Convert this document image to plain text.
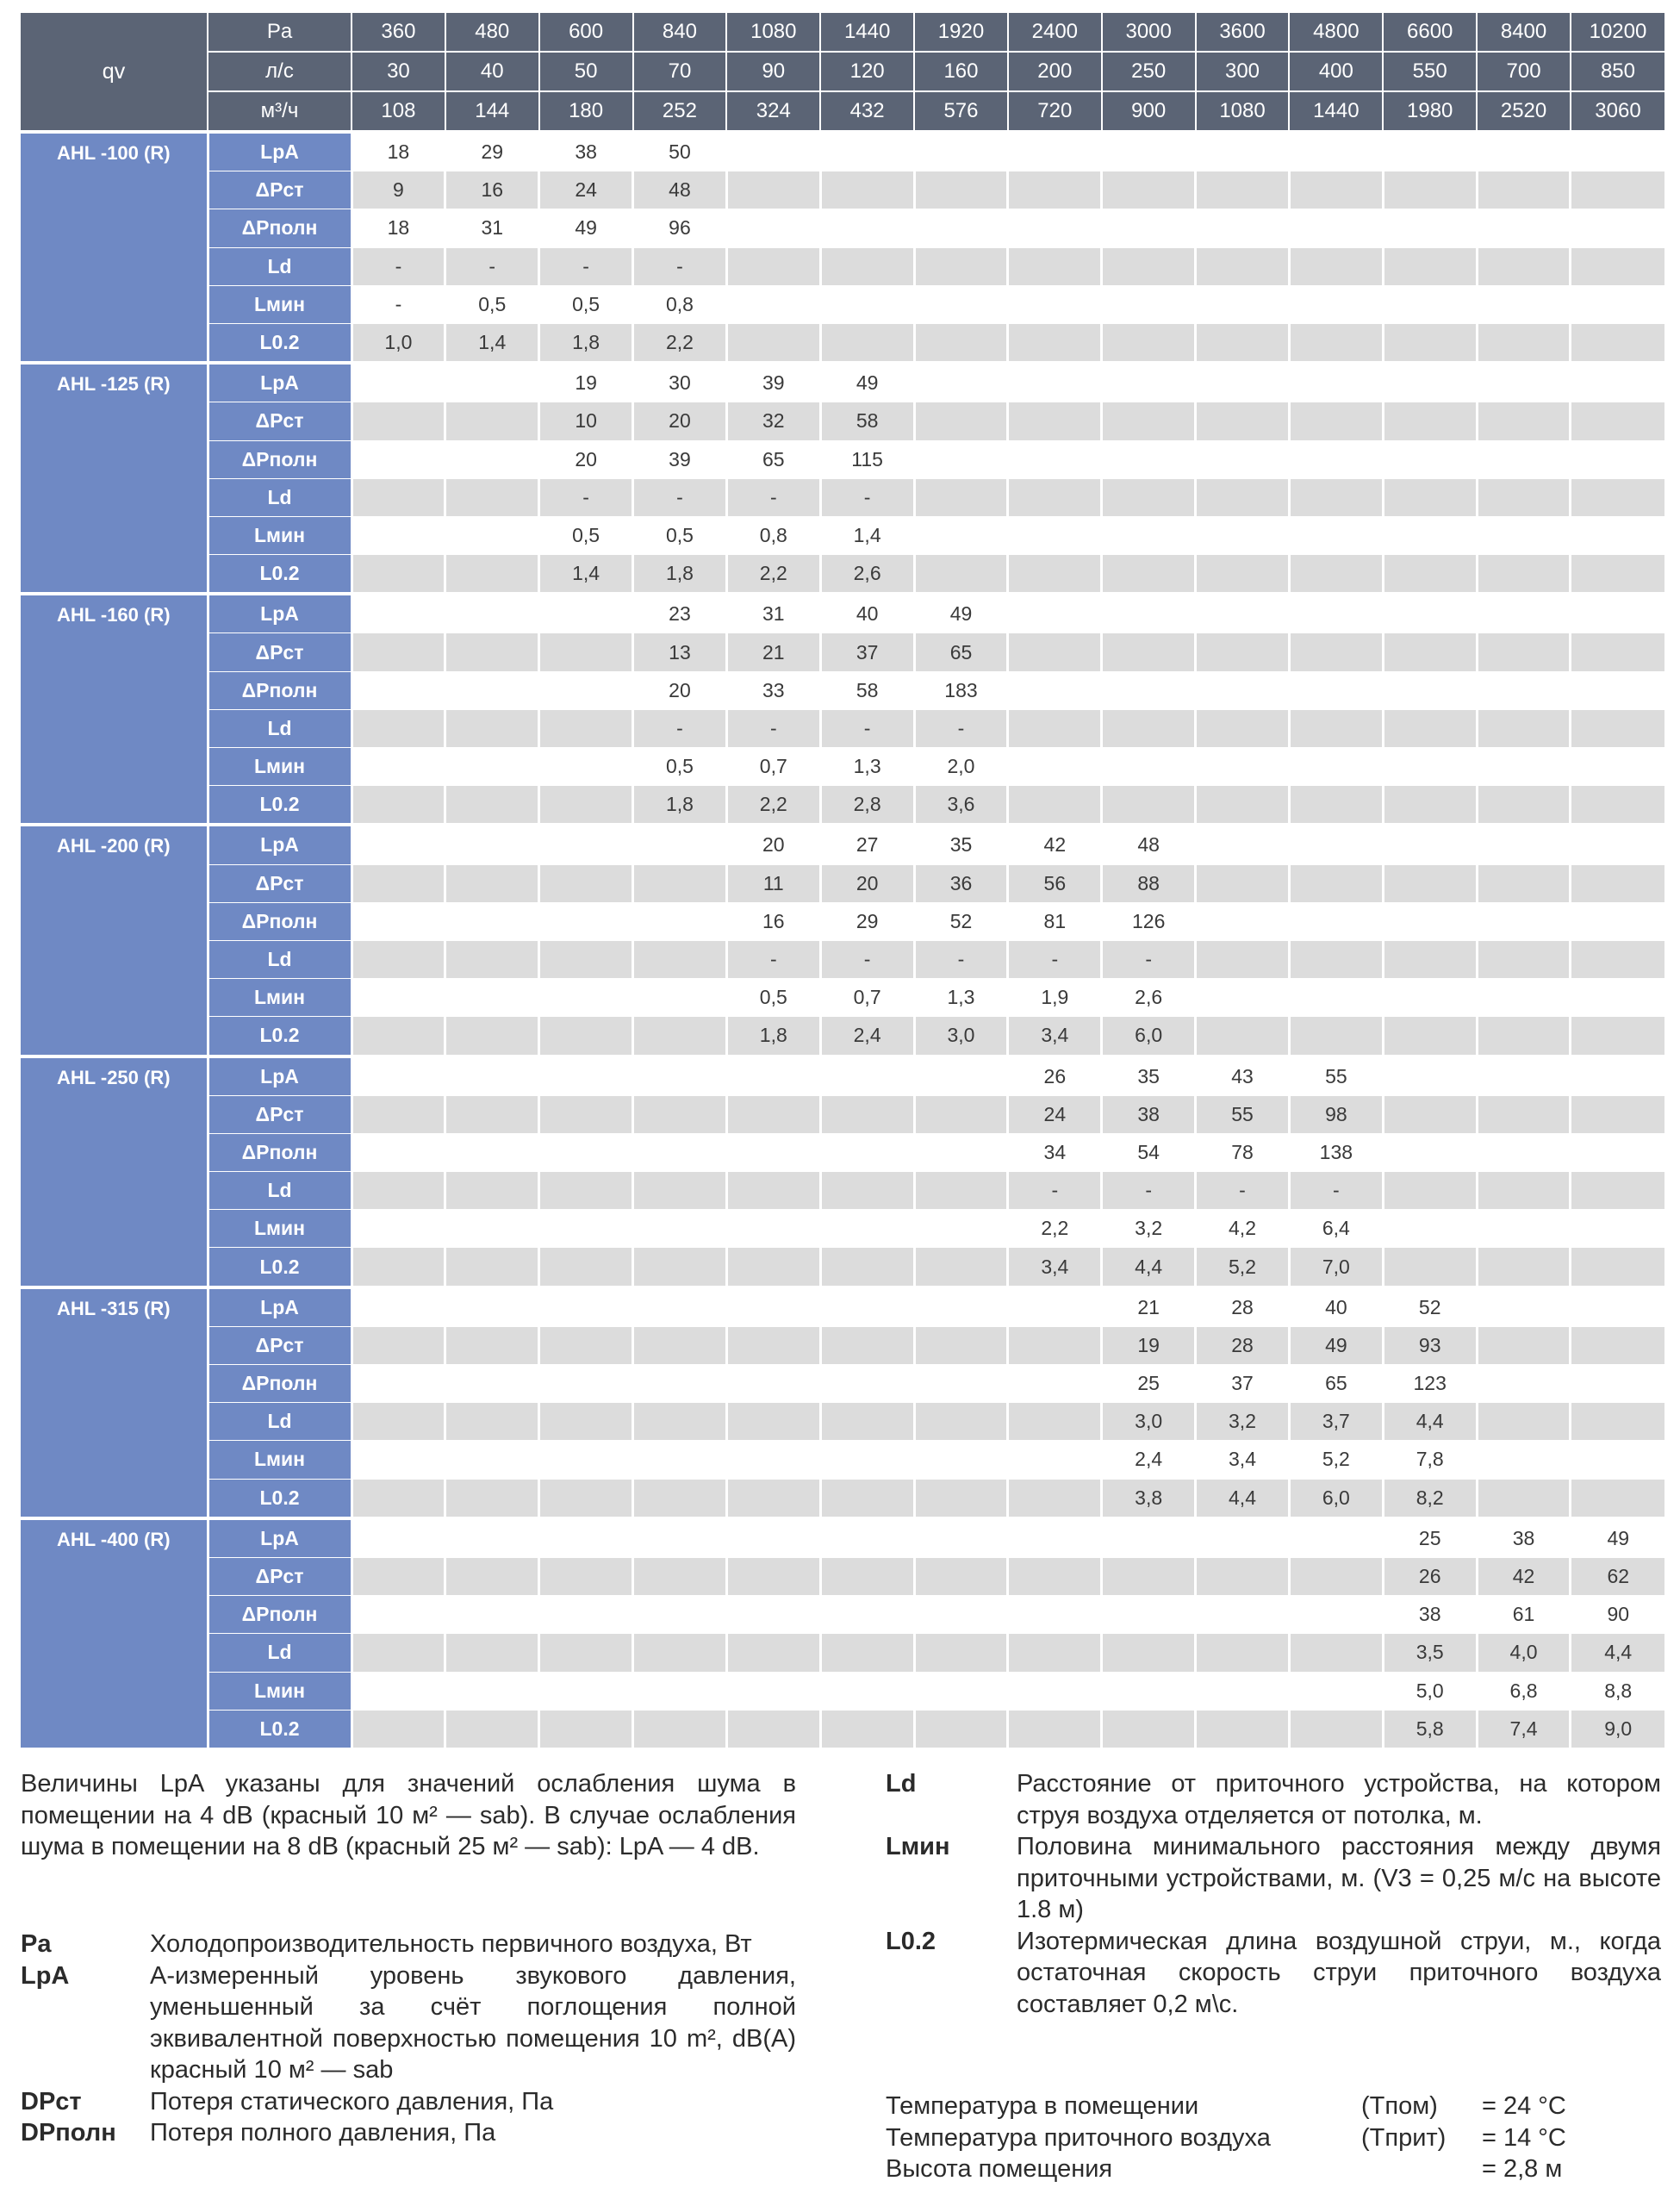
qv	Pa	360	480	600	840	1080	1440	1920	2400	3000	3600	4800	6600	8400	10200
	л/с	30	40	50	70	90	120	160	200	250	300	400	550	700	850
	м³/ч	108	144	180	252	324	432	576	720	900	1080	1440	1980	2520	3060
AHL -100 (R)	LpA	18	29	38	50										
	ΔPст	9	16	24	48										
	ΔPполн	18	31	49	96										
	Ld	-	-	-	-										
	Lмин	-	0,5	0,5	0,8										
	L0.2	1,0	1,4	1,8	2,2										
AHL -125 (R)	LpA			19	30	39	49								
	ΔPст			10	20	32	58								
	ΔPполн			20	39	65	115								
	Ld			-	-	-	-								
	Lмин			0,5	0,5	0,8	1,4								
	L0.2			1,4	1,8	2,2	2,6								
AHL -160 (R)	LpA				23	31	40	49							
	ΔPст				13	21	37	65							
	ΔPполн				20	33	58	183							
	Ld				-	-	-	-							
	Lмин				0,5	0,7	1,3	2,0							
	L0.2				1,8	2,2	2,8	3,6							
AHL -200 (R)	LpA					20	27	35	42	48					
	ΔPст					11	20	36	56	88					
	ΔPполн					16	29	52	81	126					
	Ld					-	-	-	-	-					
	Lмин					0,5	0,7	1,3	1,9	2,6					
	L0.2					1,8	2,4	3,0	3,4	6,0					
AHL -250 (R)	LpA								26	35	43	55			
	ΔPст								24	38	55	98			
	ΔPполн								34	54	78	138			
	Ld								-	-	-	-			
	Lмин								2,2	3,2	4,2	6,4			
	L0.2								3,4	4,4	5,2	7,0			
AHL -315 (R)	LpA									21	28	40	52		
	ΔPст									19	28	49	93		
	ΔPполн									25	37	65	123		
	Ld									3,0	3,2	3,7	4,4		
	Lмин									2,4	3,4	5,2	7,8		
	L0.2									3,8	4,4	6,0	8,2		
AHL -400 (R)	LpA												25	38	49
	ΔPст												26	42	62
	ΔPполн												38	61	90
	Ld												3,5	4,0	4,4
	Lмин												5,0	6,8	8,8
	L0.2												5,8	7,4	9,0
Величины LpA указаны для значений ослабления шума в помещении на 4 dB (красный 10 м² — sab). В случае ослабления шума в помещении на 8 dB (красный 25 м² — sab): LpA — 4 dB.
Pa	Холодопроизводительность первичного воздуха, Вт
LpA	A-измеренный уровень звукового давления, уменьшенный за счёт поглощения полной эквивалентной поверхностью помещения 10 m², dB(A) красный 10 м² — sab
DPст	Потеря статического давления, Па
DPполн	Потеря полного давления, Па
Ld	Расстояние от приточного устройства, на котором струя воздуха отделяется от потолка, м.
Lмин	Половина минимального расстояния между двумя приточными устройствами, м. (V3 = 0,25 м/с на высоте 1.8 м)
L0.2	Изотермическая длина воздушной струи, м., когда остаточная скорость струи приточного воздуха составляет 0,2 м\с.
Температура в помещении	(Tпом)	= 24 °C
Температура приточного воздуха	(Tприт)	= 14 °C
Высота помещения	= 2,8 м
